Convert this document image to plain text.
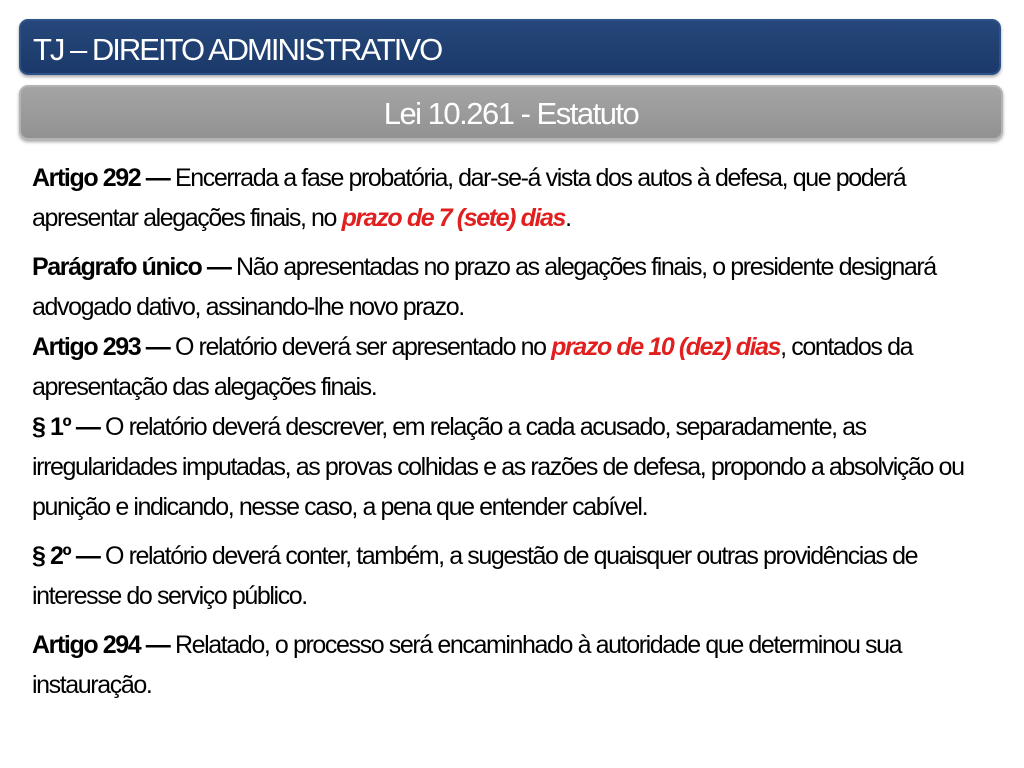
TJ – DIREITO ADMINISTRATIVO
Lei 10.261 - Estatuto

Artigo 292 — Encerrada a fase probatória, dar-se-á vista dos autos à defesa, que poderá apresentar alegações finais, no prazo de 7 (sete) dias.

Parágrafo único — Não apresentadas no prazo as alegações finais, o presidente designará advogado dativo, assinando-lhe novo prazo.

Artigo 293 — O relatório deverá ser apresentado no prazo de 10 (dez) dias, contados da apresentação das alegações finais.

§ 1º — O relatório deverá descrever, em relação a cada acusado, separadamente, as irregularidades imputadas, as provas colhidas e as razões de defesa, propondo a absolvição ou punição e indicando, nesse caso, a pena que entender cabível.

§ 2º — O relatório deverá conter, também, a sugestão de quaisquer outras providências de interesse do serviço público.

Artigo 294 — Relatado, o processo será encaminhado à autoridade que determinou sua instauração.
